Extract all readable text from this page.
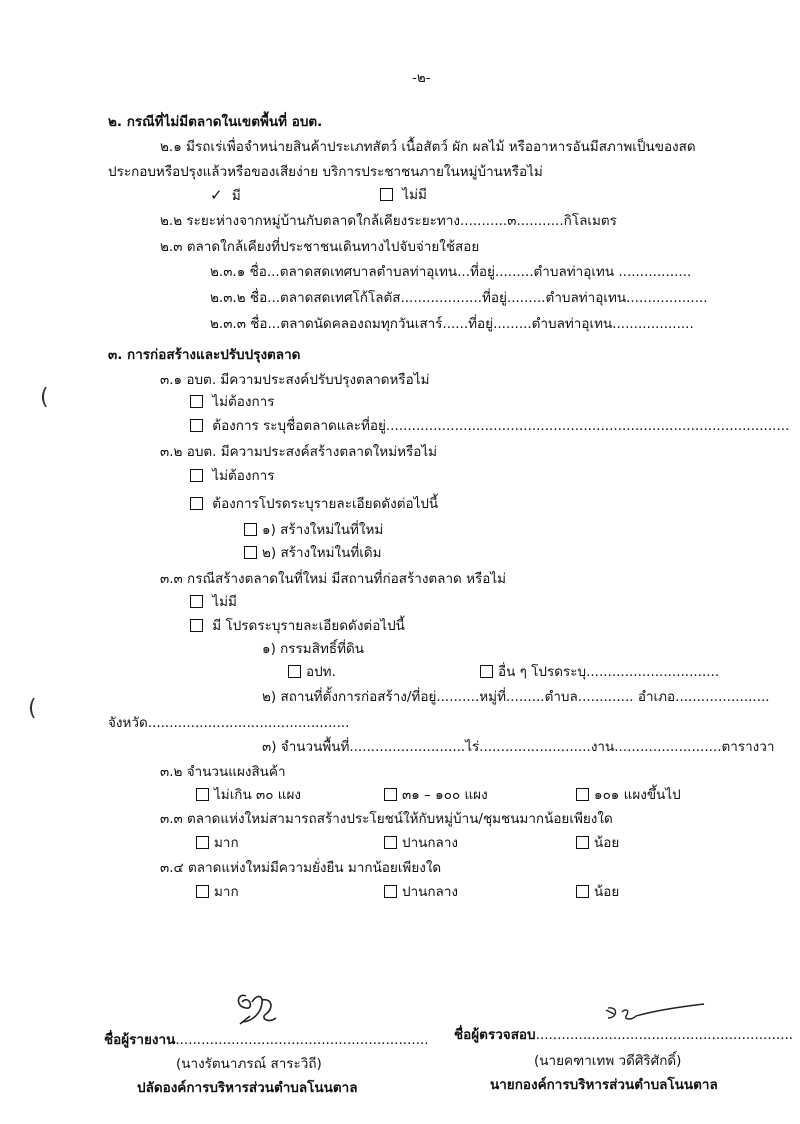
-๒-
๒. กรณีที่ไม่มีตลาดในเขตพื้นที่ อบต.
๒.๑ มีรถเร่เพื่อจำหน่ายสินค้าประเภทสัตว์ เนื้อสัตว์ ผัก ผลไม้ หรืออาหารอันมีสภาพเป็นของสด
ประกอบหรือปรุงแล้วหรือของเสียง่าย บริการประชาชนภายในหมู่บ้านหรือไม่
✓ มี	ไม่มี
๒.๒ ระยะห่างจากหมู่บ้านกับตลาดใกล้เคียงระยะทาง...........๓...........กิโลเมตร
๒.๓ ตลาดใกล้เคียงที่ประชาชนเดินทางไปจับจ่ายใช้สอย
๒.๓.๑ ชื่อ...ตลาดสดเทศบาลตำบลท่าอุเทน...ที่อยู่.........ตำบลท่าอุเทน .................
๒.๓.๒ ชื่อ...ตลาดสดเทศโก้โลตัส...................ที่อยู่.........ตำบลท่าอุเทน...................
๒.๓.๓ ชื่อ...ตลาดนัดคลองถมทุกวันเสาร์......ที่อยู่.........ตำบลท่าอุเทน...................
๓. การก่อสร้างและปรับปรุงตลาด
๓.๑ อบต. มีความประสงค์ปรับปรุงตลาดหรือไม่
ไม่ต้องการ
ต้องการ ระบุชื่อตลาดและที่อยู่..............................................................................................
๓.๒ อบต. มีความประสงค์สร้างตลาดใหม่หรือไม่
ไม่ต้องการ
ต้องการโปรดระบุรายละเอียดดังต่อไปนี้
๑) สร้างใหม่ในที่ใหม่
๒) สร้างใหม่ในที่เดิม
๓.๓ กรณีสร้างตลาดในที่ใหม่ มีสถานที่ก่อสร้างตลาด หรือไม่
ไม่มี
มี โปรดระบุรายละเอียดดังต่อไปนี้
๑) กรรมสิทธิ์ที่ดิน
อปท.	อื่น ๆ โปรดระบุ...............................
๒) สถานที่ตั้งการก่อสร้าง/ที่อยู่..........หมู่ที่.........ตำบล............. อำเภอ......................
จังหวัด...............................................
๓) จำนวนพื้นที่...........................ไร่..........................งาน.........................ตารางวา
๓.๒ จำนวนแผงสินค้า
ไม่เกิน ๓๐ แผง	๓๑ – ๑๐๐ แผง	๑๐๑ แผงขึ้นไป
๓.๓ ตลาดแห่งใหม่สามารถสร้างประโยชน์ให้กับหมู่บ้าน/ชุมชนมากน้อยเพียงใด
มาก	ปานกลาง	น้อย
๓.๔ ตลาดแห่งใหม่มีความยั่งยืน มากน้อยเพียงใด
มาก	ปานกลาง	น้อย
ชื่อผู้รายงาน...........................................................
(นางรัตนาภรณ์ สาระวิถี)
ปลัดองค์การบริหารส่วนตำบลโนนตาล
ชื่อผู้ตรวจสอบ............................................................
(นายคฑาเทพ วดีศิริศักดิ์)
นายกองค์การบริหารส่วนตำบลโนนตาล
(
(
